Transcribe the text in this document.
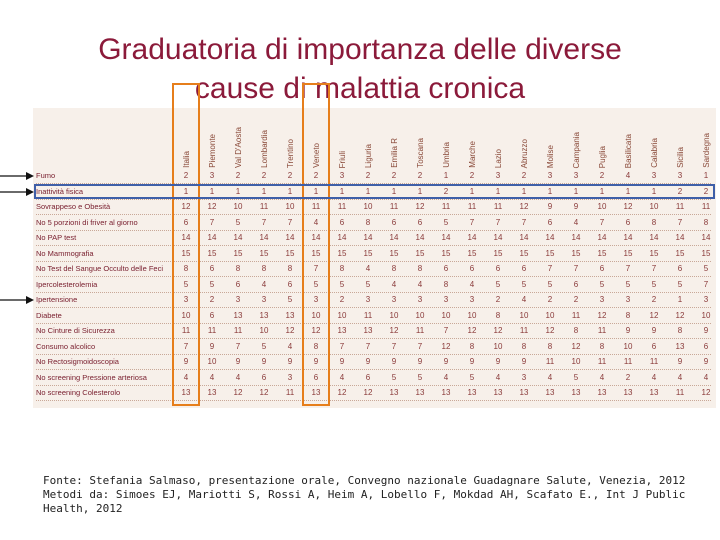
Graduatoria di importanza delle diverse
cause di malattia cronica
Italia Piemonte Val D'Aosta Lombardia Trentino Veneto Friuli Liguria Emilia R Toscana Umbria Marche Lazio Abruzzo Molise Campania Puglia Basilicata Calabria Sicilia Sardegna
Fumo	2	3	2	2	2	2	3	2	2	2	1	2	3	2	3	3	2	4	3	3	1
Inattività fisica	1	1	1	1	1	1	1	1	1	1	2	1	1	1	1	1	1	1	1	2	2
Sovrappeso e Obesità	12	12	10	11	10	11	11	10	11	12	11	11	11	12	9	9	10	12	10	11	11
No 5 porzioni di friver al giorno	6	7	5	7	7	4	6	8	6	6	5	7	7	7	6	4	7	6	8	7	8
No PAP test	14	14	14	14	14	14	14	14	14	14	14	14	14	14	14	14	14	14	14	14	14
No Mammografia	15	15	15	15	15	15	15	15	15	15	15	15	15	15	15	15	15	15	15	15	15
No Test del Sangue Occulto delle Feci	8	6	8	8	8	7	8	4	8	8	6	6	6	6	7	7	6	7	7	6	5
Ipercolesterolemia	5	5	6	4	6	5	5	5	4	4	8	4	5	5	5	6	5	5	5	5	7
Ipertensione	3	2	3	3	5	3	2	3	3	3	3	3	2	4	2	2	3	3	2	1	3
Diabete	10	6	13	13	13	10	10	11	10	10	10	10	8	10	10	11	12	8	12	12	10
No Cinture di Sicurezza	11	11	11	10	12	12	13	13	12	11	7	12	12	11	12	8	11	9	9	8	9
Consumo alcolico	7	9	7	5	4	8	7	7	7	7	12	8	10	8	8	12	8	10	6	13	6
No Rectosigmoidoscopia	9	10	9	9	9	9	9	9	9	9	9	9	9	9	11	10	11	11	11	9	9
No screening Pressione arteriosa	4	4	4	6	3	6	4	6	5	5	4	5	4	3	4	5	4	2	4	4	4
No screening Colesterolo	13	13	12	12	11	13	12	12	13	13	13	13	13	13	13	13	13	13	13	11	12
Fonte: Stefania Salmaso, presentazione orale, Convegno nazionale Guadagnare Salute, Venezia, 2012
Metodi da: Simoes EJ, Mariotti S, Rossi A, Heim A, Lobello F, Mokdad AH, Scafato E., Int J Public
Health, 2012
